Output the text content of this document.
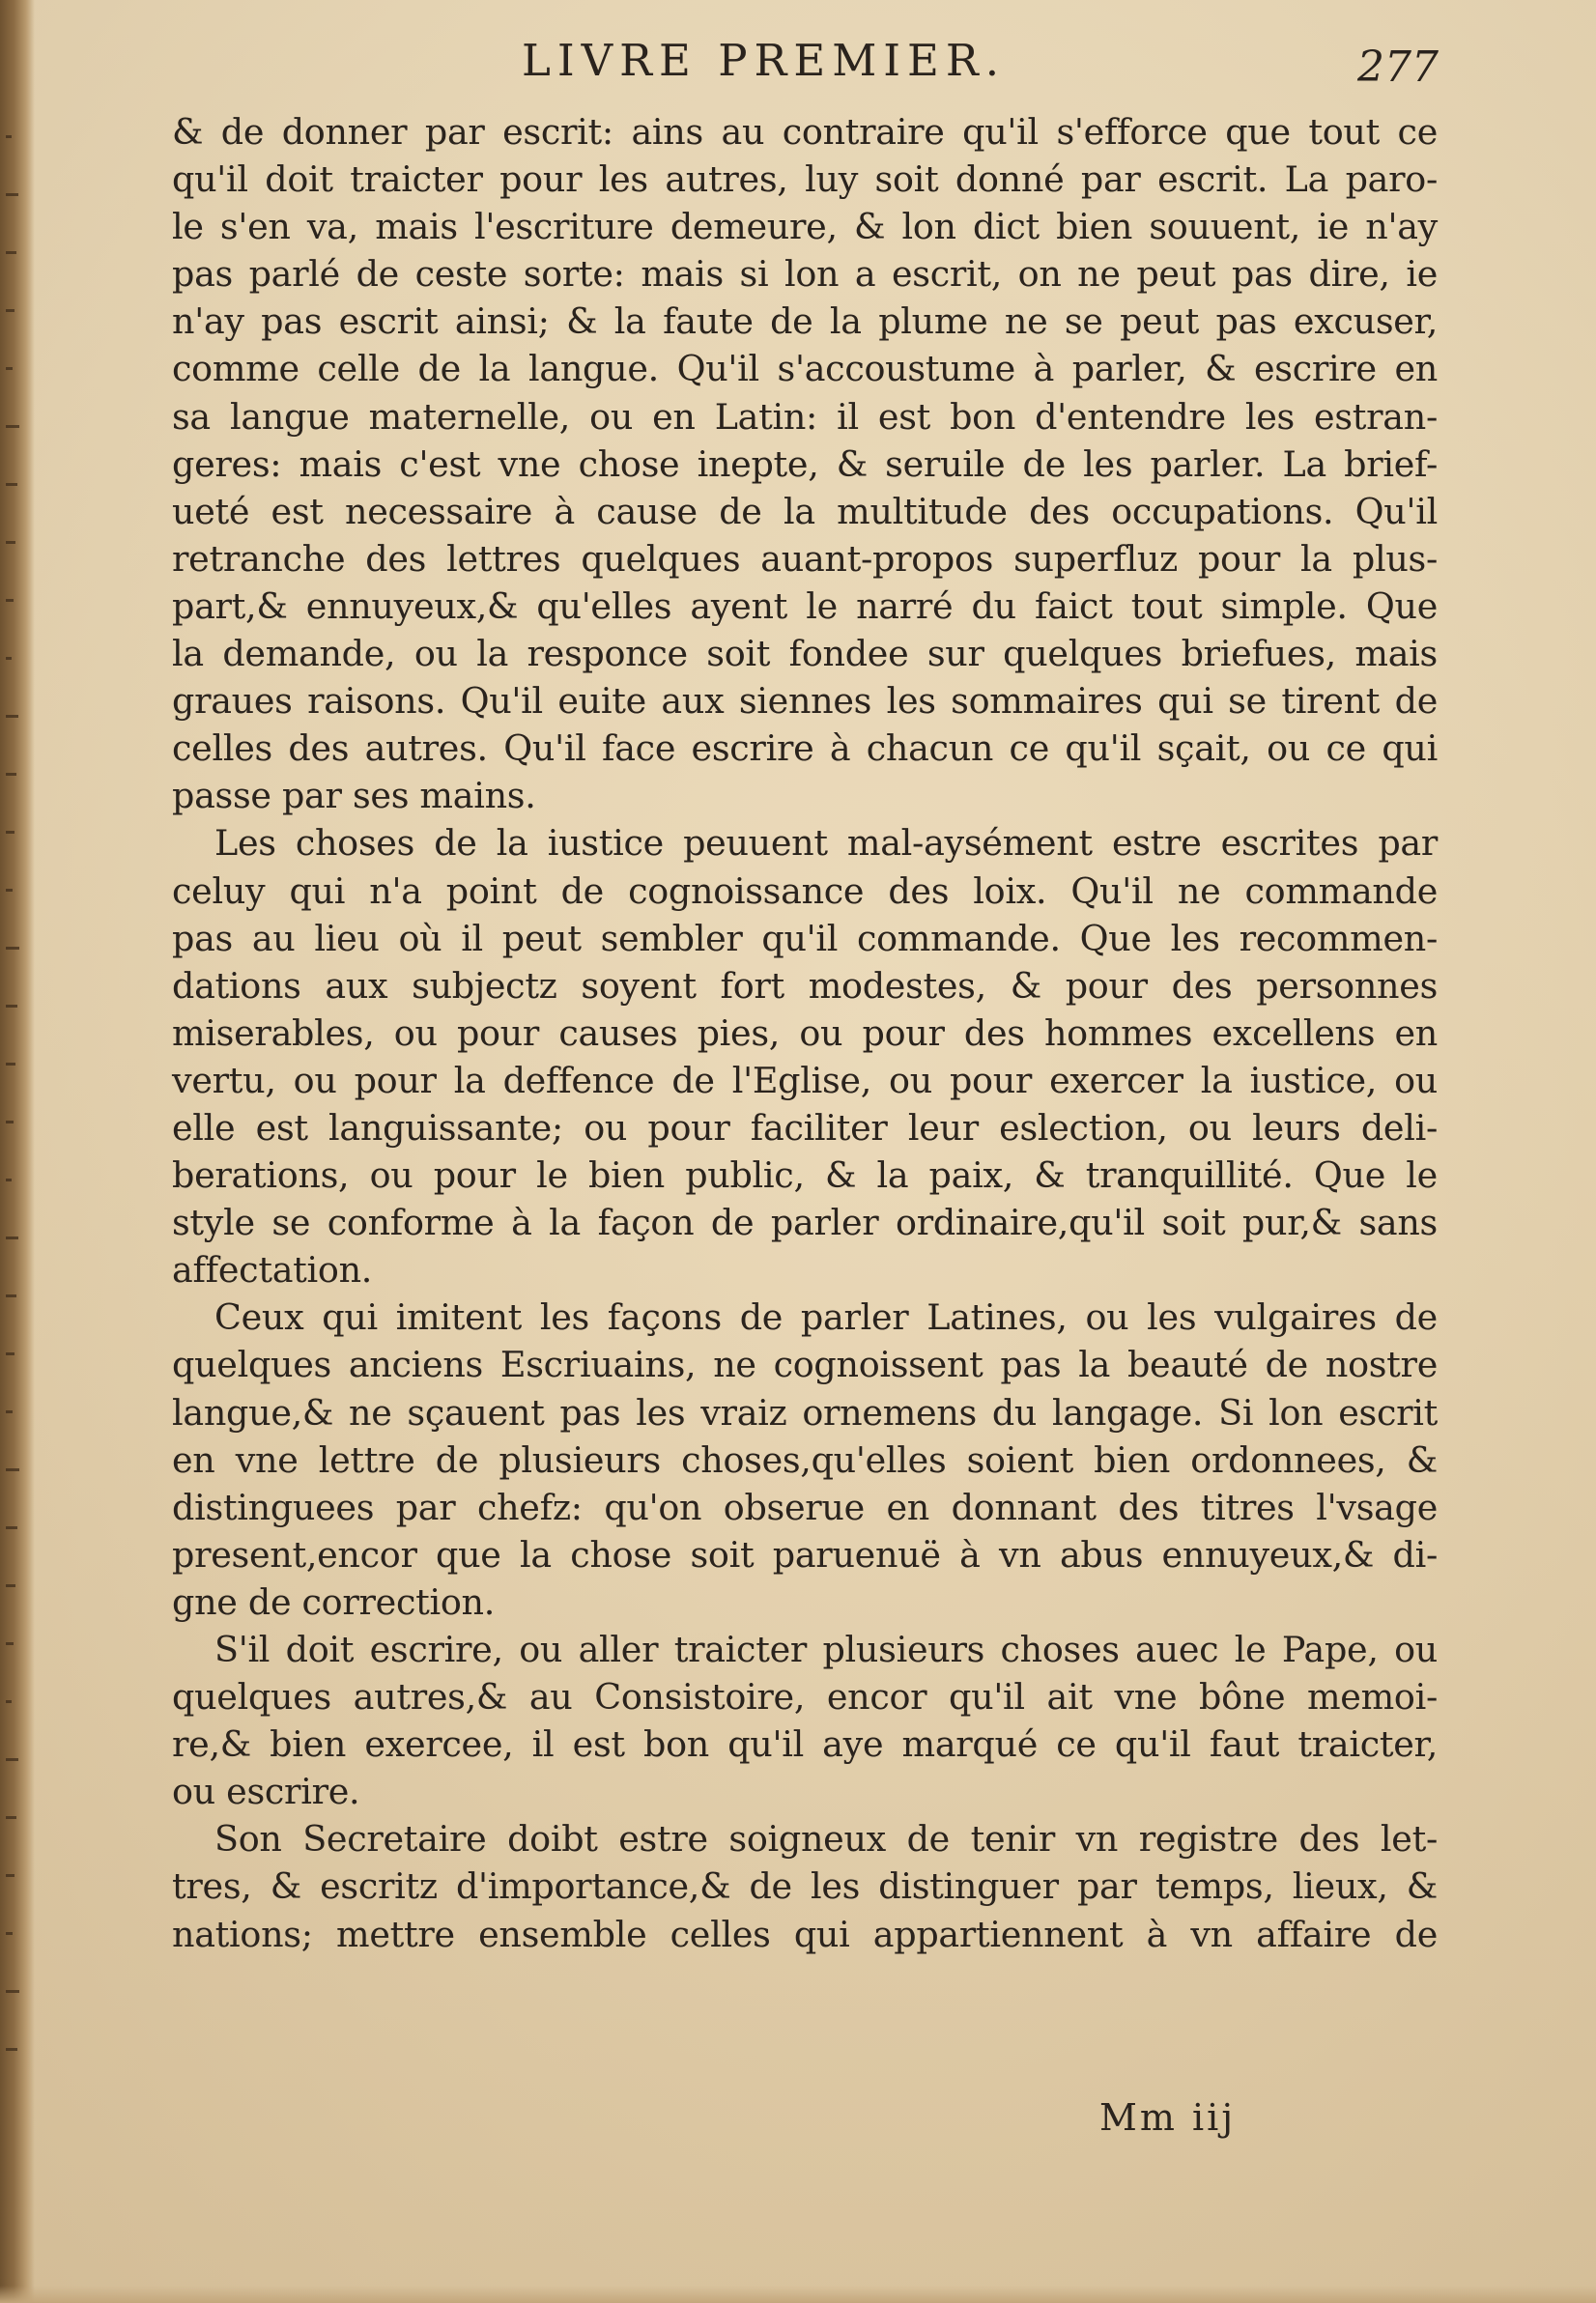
LIVRE PREMIER.	277
& de donner par escrit: ains au contraire qu'il s'efforce que tout ce
qu'il doit traicter pour les autres, luy soit donné par escrit. La paro-
le s'en va, mais l'escriture demeure, & lon dict bien souuent, ie n'ay
pas parlé de ceste sorte: mais si lon a escrit, on ne peut pas dire, ie
n'ay pas escrit ainsi; & la faute de la plume ne se peut pas excuser,
comme celle de la langue. Qu'il s'accoustume à parler, & escrire en
sa langue maternelle, ou en Latin: il est bon d'entendre les estran-
geres: mais c'est vne chose inepte, & seruile de les parler. La brief-
ueté est necessaire à cause de la multitude des occupations. Qu'il
retranche des lettres quelques auant-propos superfluz pour la plus-
part,& ennuyeux,& qu'elles ayent le narré du faict tout simple. Que
la demande, ou la responce soit fondee sur quelques briefues, mais
graues raisons. Qu'il euite aux siennes les sommaires qui se tirent de
celles des autres. Qu'il face escrire à chacun ce qu'il sçait, ou ce qui
passe par ses mains.
Les choses de la iustice peuuent mal-aysément estre escrites par
celuy qui n'a point de cognoissance des loix. Qu'il ne commande
pas au lieu où il peut sembler qu'il commande. Que les recommen-
dations aux subjectz soyent fort modestes, & pour des personnes
miserables, ou pour causes pies, ou pour des hommes excellens en
vertu, ou pour la deffence de l'Eglise, ou pour exercer la iustice, ou
elle est languissante; ou pour faciliter leur eslection, ou leurs deli-
berations, ou pour le bien public, & la paix, & tranquillité. Que le
style se conforme à la façon de parler ordinaire,qu'il soit pur,& sans
affectation.
Ceux qui imitent les façons de parler Latines, ou les vulgaires de
quelques anciens Escriuains, ne cognoissent pas la beauté de nostre
langue,& ne sçauent pas les vraiz ornemens du langage. Si lon escrit
en vne lettre de plusieurs choses,qu'elles soient bien ordonnees, &
distinguees par chefz: qu'on obserue en donnant des titres l'vsage
present,encor que la chose soit paruenuë à vn abus ennuyeux,& di-
gne de correction.
S'il doit escrire, ou aller traicter plusieurs choses auec le Pape, ou
quelques autres,& au Consistoire, encor qu'il ait vne bône memoi-
re,& bien exercee, il est bon qu'il aye marqué ce qu'il faut traicter,
ou escrire.
Son Secretaire doibt estre soigneux de tenir vn registre des let-
tres, & escritz d'importance,& de les distinguer par temps, lieux, &
nations; mettre ensemble celles qui appartiennent à vn affaire de
Mm iij
